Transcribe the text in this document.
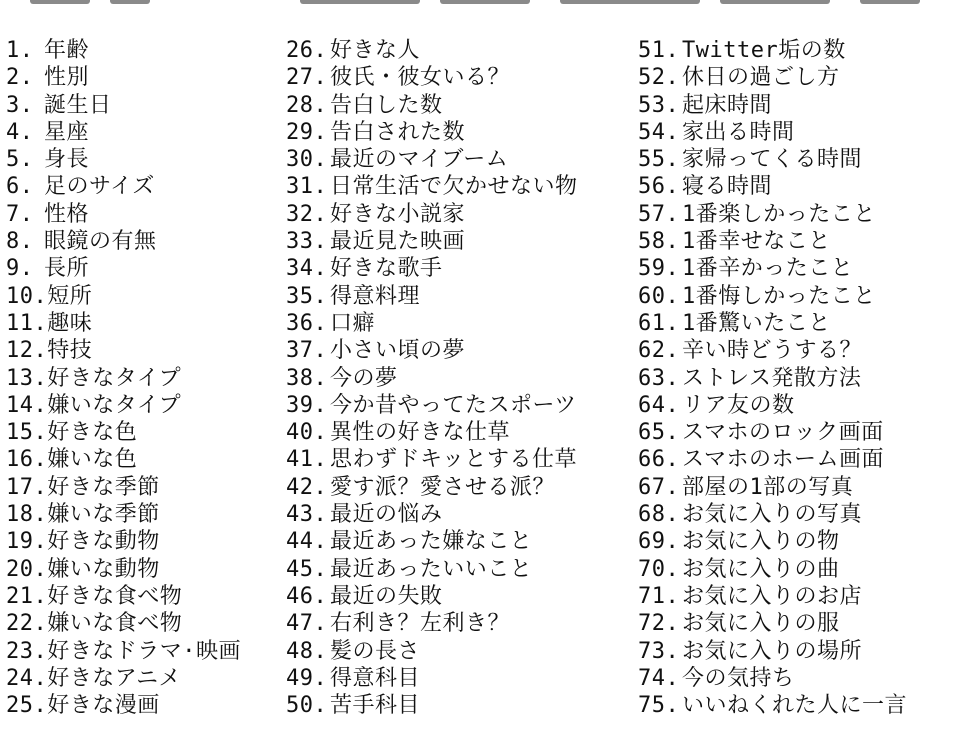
1. 年齢
2. 性別
3. 誕生日
4. 星座
5. 身長
6. 足のサイズ
7. 性格
8. 眼鏡の有無
9. 長所
10.短所
11.趣味
12.特技
13.好きなタイプ
14.嫌いなタイプ
15.好きな色
16.嫌いな色
17.好きな季節
18.嫌いな季節
19.好きな動物
20.嫌いな動物
21.好きな食べ物
22.嫌いな食べ物
23.好きなドラマ·映画
24.好きなアニメ
25.好きな漫画
26. 好きな人
27. 彼氏・彼女いる？
28. 告白した数
29. 告白された数
30. 最近のマイブーム
31. 日常生活で欠かせない物
32. 好きな小説家
33. 最近見た映画
34. 好きな歌手
35. 得意料理
36. 口癖
37. 小さい頃の夢
38. 今の夢
39. 今か昔やってたスポーツ
40. 異性の好きな仕草
41. 思わずドキッとする仕草
42. 愛す派？愛させる派？
43. 最近の悩み
44. 最近あった嫌なこと
45. 最近あったいいこと
46. 最近の失敗
47. 右利き？左利き？
48. 髪の長さ
49. 得意科目
50. 苦手科目
51. Twitter垢の数
52. 休日の過ごし方
53. 起床時間
54. 家出る時間
55. 家帰ってくる時間
56. 寝る時間
57. 1番楽しかったこと
58. 1番幸せなこと
59. 1番辛かったこと
60. 1番悔しかったこと
61. 1番驚いたこと
62. 辛い時どうする？
63. ストレス発散方法
64. リア友の数
65. スマホのロック画面
66. スマホのホーム画面
67. 部屋の1部の写真
68. お気に入りの写真
69. お気に入りの物
70. お気に入りの曲
71. お気に入りのお店
72. お気に入りの服
73. お気に入りの場所
74. 今の気持ち
75. いいねくれた人に一言
